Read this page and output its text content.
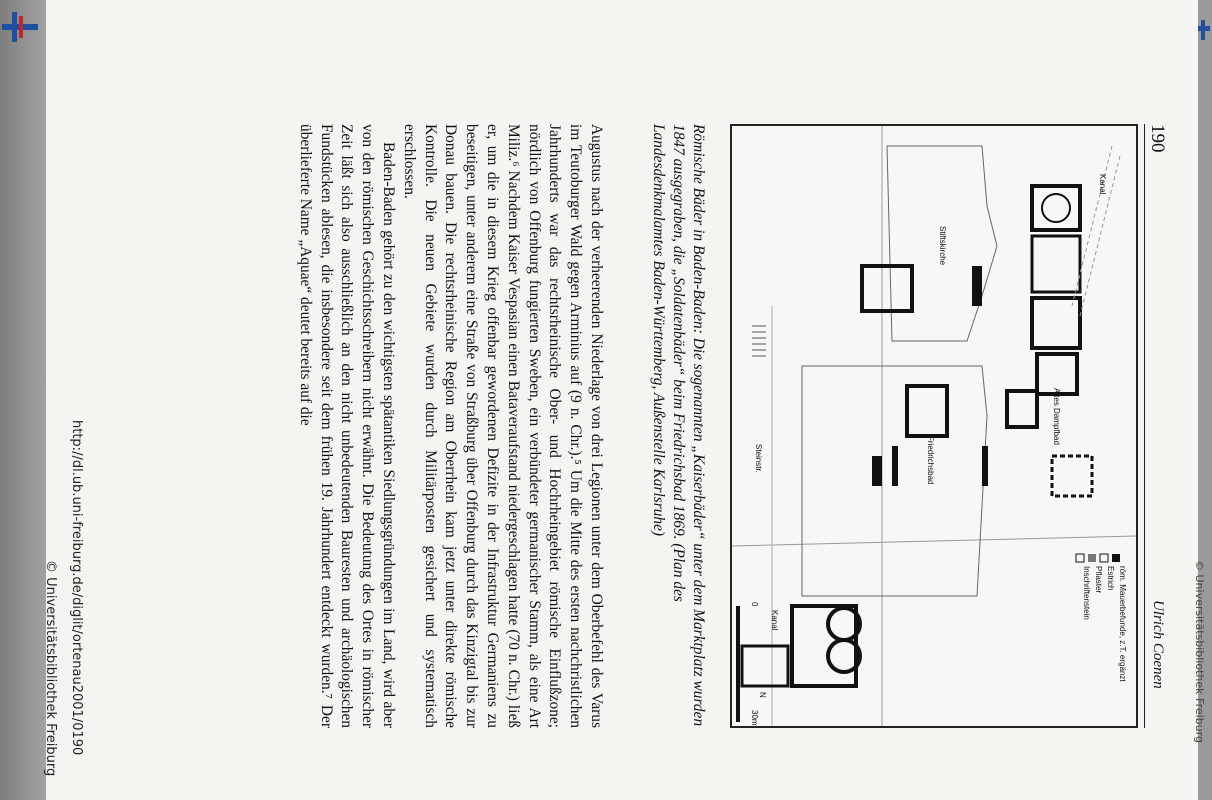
http://dl.ub.uni-freiburg.de/diglit/ortenau2001/0190
© Universitätsbibliothek Freiburg	© Universitätsbibliothek Freiburg
190
Ulrich Coenen
Stiftskirche
Friedrichsbad
Altes Dampfbad
Steinstr.
Kanal
Kanal
N
0
30m
röm. Mauerbefunde, z.T. ergänzt
Estrich
Pflaster
Inschriftenstein
Römische Bäder in Baden-Baden: Die sogenannten „Kaiserbäder“ unter dem Marktplatz wurden 1847 ausgegraben, die „Soldatenbäder“ beim Friedrichsbad 1869. (Plan des Landesdenkmalamtes Baden-Württemberg, Außenstelle Karlsruhe)

Augustus nach der verheerenden Niederlage von drei Legionen unter dem Oberbefehl des Varus im Teutoburger Wald gegen Arminius auf (9 n. Chr.).⁵ Um die Mitte des ersten nachchristlichen Jahrhunderts war das rechtsrheinische Ober- und Hochrheingebiet römische Einflußzone; nördlich von Offenburg fungierten Sweben, ein verbündeter germanischer Stamm, als eine Art Miliz.⁶ Nachdem Kaiser Vespasian einen Bataveraufstand niedergeschlagen hatte (70 n. Chr.) ließ er, um die in diesem Krieg offenbar gewordenen Defizite in der Infrastruktur Germaniens zu beseitigen, unter anderem eine Straße von Straßburg über Offenburg durch das Kinzigtal bis zur Donau bauen. Die rechtsrheinische Region am Oberrhein kam jetzt unter direkte römische Kontrolle. Die neuen Gebiete wurden durch Militärposten gesichert und systematisch erschlossen.

Baden-Baden gehört zu den wichtigsten spätantiken Siedlungsgründungen im Land, wird aber von den römischen Geschichtsschreibern nicht erwähnt. Die Bedeutung des Ortes in römischer Zeit läßt sich also ausschließlich an den nicht unbedeutenden Bauresten und archäologischen Fundstücken ablesen, die insbesondere seit dem frühen 19. Jahrhundert entdeckt wurden.⁷ Der überlieferte Name „Aquae“ deutet bereits auf die
